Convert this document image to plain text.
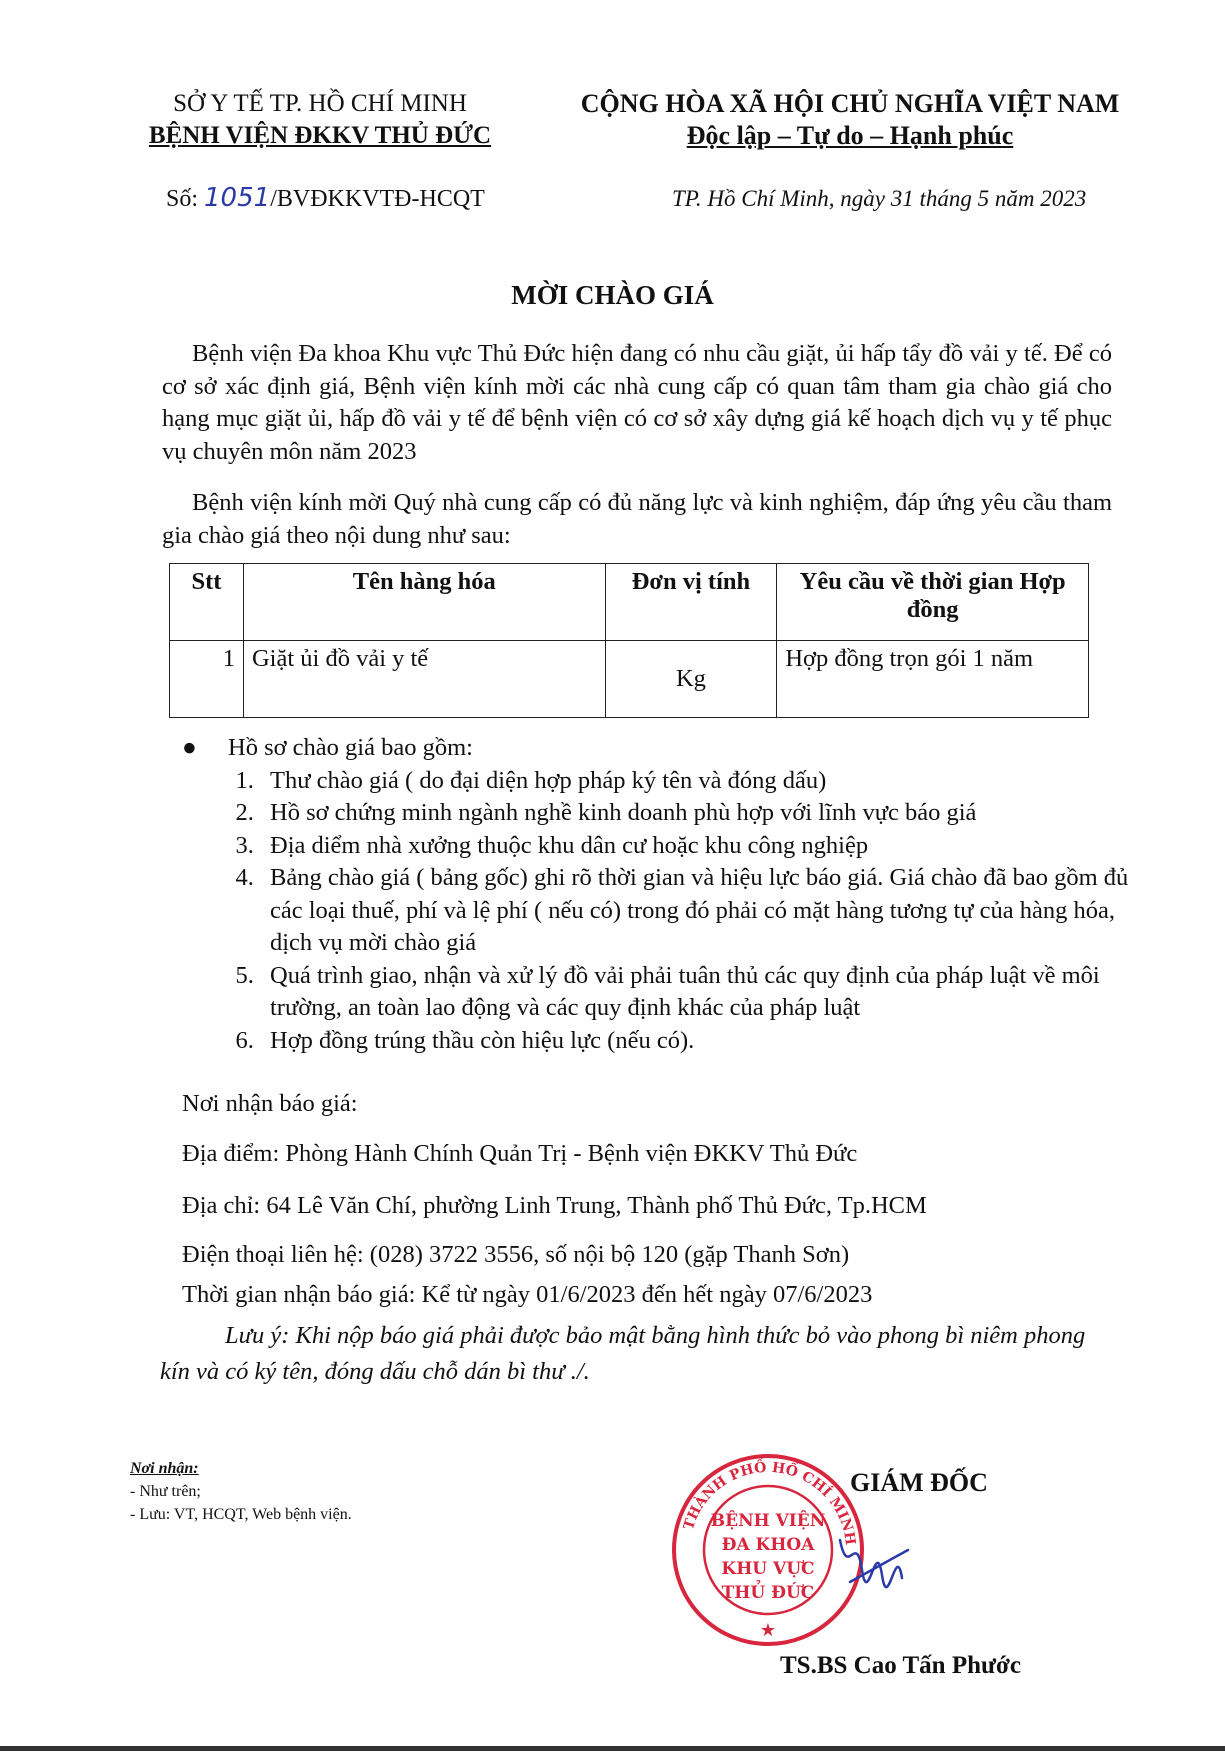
SỞ Y TẾ TP. HỒ CHÍ MINH
BỆNH VIỆN ĐKKV THỦ ĐỨC
CỘNG HÒA XÃ HỘI CHỦ NGHĨA VIỆT NAM
Độc lập – Tự do – Hạnh phúc
Số: 1051/BVĐKKVTĐ-HCQT	TP. Hồ Chí Minh, ngày 31 tháng 5 năm 2023
MỜI CHÀO GIÁ
Bệnh viện Đa khoa Khu vực Thủ Đức hiện đang có nhu cầu giặt, ủi hấp tẩy đồ vải y tế. Để có cơ sở xác định giá, Bệnh viện kính mời các nhà cung cấp có quan tâm tham gia chào giá cho hạng mục giặt ủi, hấp đồ vải y tế để bệnh viện có cơ sở xây dựng giá kế hoạch dịch vụ y tế phục vụ chuyên môn năm 2023
Bệnh viện kính mời Quý nhà cung cấp có đủ năng lực và kinh nghiệm, đáp ứng yêu cầu tham gia chào giá theo nội dung như sau:
Stt	Tên hàng hóa	Đơn vị tính	Yêu cầu về thời gian Hợp đồng
1	Giặt ủi đồ vải y tế	Kg	Hợp đồng trọn gói 1 năm
● Hồ sơ chào giá bao gồm:
1. Thư chào giá ( do đại diện hợp pháp ký tên và đóng dấu)
2. Hồ sơ chứng minh ngành nghề kinh doanh phù hợp với lĩnh vực báo giá
3. Địa diểm nhà xưởng thuộc khu dân cư hoặc khu công nghiệp
4. Bảng chào giá ( bảng gốc) ghi rõ thời gian và hiệu lực báo giá. Giá chào đã bao gồm đủ các loại thuế, phí và lệ phí ( nếu có) trong đó phải có mặt hàng tương tự của hàng hóa, dịch vụ mời chào giá
5. Quá trình giao, nhận và xử lý đồ vải phải tuân thủ các quy định của pháp luật về môi trường, an toàn lao động và các quy định khác của pháp luật
6. Hợp đồng trúng thầu còn hiệu lực (nếu có).
Nơi nhận báo giá:
Địa điểm: Phòng Hành Chính Quản Trị - Bệnh viện ĐKKV Thủ Đức
Địa chỉ: 64 Lê Văn Chí, phường Linh Trung, Thành phố Thủ Đức, Tp.HCM
Điện thoại liên hệ: (028) 3722 3556, số nội bộ 120 (gặp Thanh Sơn)
Thời gian nhận báo giá: Kể từ ngày 01/6/2023 đến hết ngày 07/6/2023
Lưu ý: Khi nộp báo giá phải được bảo mật bằng hình thức bỏ vào phong bì niêm phong kín và có ký tên, đóng dấu chỗ dán bì thư ./.
Nơi nhận:
- Như trên;
- Lưu: VT, HCQT, Web bệnh viện.
THÀNH PHỐ HỒ CHÍ MINH
BỆNH VIỆN
ĐA KHOA
KHU VỰC
THỦ ĐỨC
★
GIÁM ĐỐC
TS.BS Cao Tấn Phước
